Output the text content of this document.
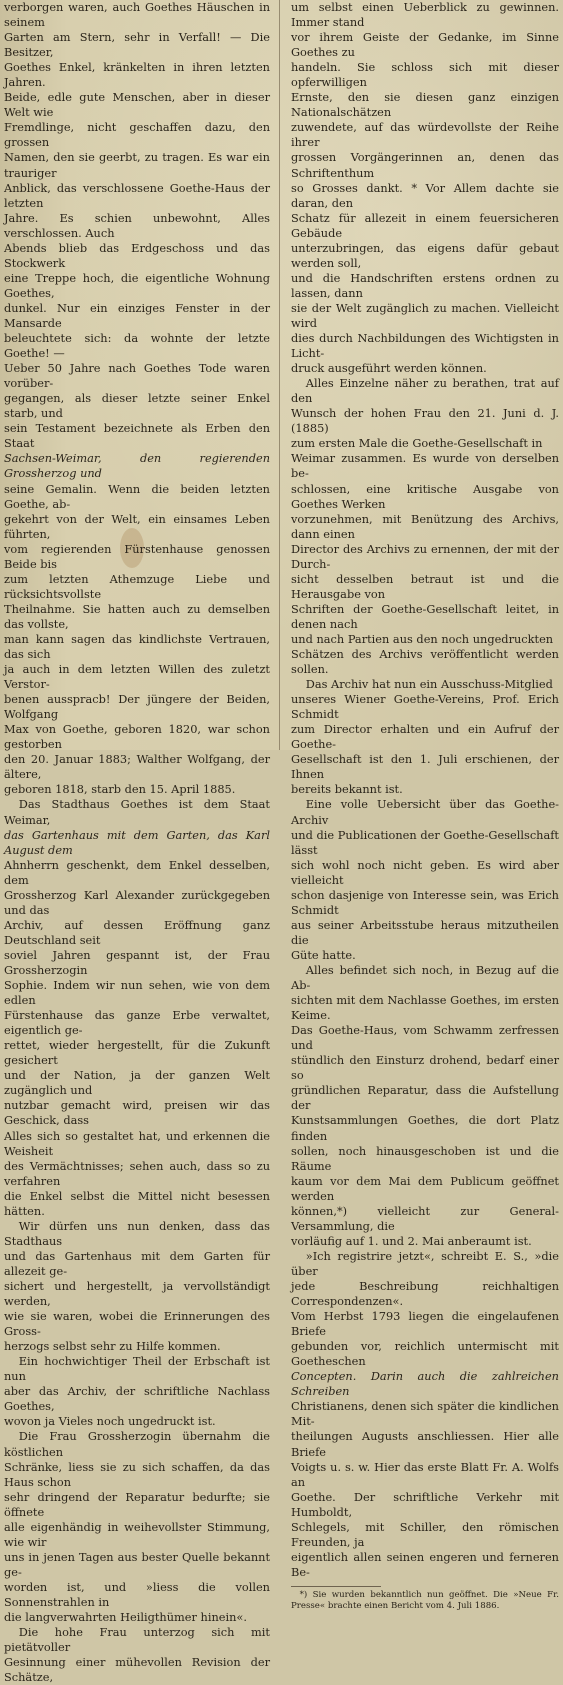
verborgen waren, auch Goethes Häuschen in seinem
Garten am Stern, sehr in Verfall! — Die Besitzer,
Goethes Enkel, kränkelten in ihren letzten Jahren.
Beide, edle gute Menschen, aber in dieser Welt wie
Fremdlinge, nicht geschaffen dazu, den grossen
Namen, den sie geerbt, zu tragen. Es war ein trauriger
Anblick, das verschlossene Goethe-Haus der letzten
Jahre. Es schien unbewohnt, Alles verschlossen. Auch
Abends blieb das Erdgeschoss und das Stockwerk
eine Treppe hoch, die eigentliche Wohnung Goethes,
dunkel. Nur ein einziges Fenster in der Mansarde
beleuchtete sich: da wohnte der letzte Goethe! —
Ueber 50 Jahre nach Goethes Tode waren vorüber-
gegangen, als dieser letzte seiner Enkel starb, und
sein Testament bezeichnete als Erben den Staat
Sachsen-Weimar, den regierenden Grossherzog und
seine Gemalin. Wenn die beiden letzten Goethe, ab-
gekehrt von der Welt, ein einsames Leben führten,
vom regierenden Fürstenhause genossen Beide bis
zum letzten Athemzuge Liebe und rücksichtsvollste
Theilnahme. Sie hatten auch zu demselben das vollste,
man kann sagen das kindlichste Vertrauen, das sich
ja auch in dem letzten Willen des zuletzt Verstor-
benen ausspracb! Der jüngere der Beiden, Wolfgang
Max von Goethe, geboren 1820, war schon gestorben
den 20. Januar 1883; Walther Wolfgang, der ältere,
geboren 1818, starb den 15. April 1885.

Das Stadthaus Goethes ist dem Staat Weimar,
das Gartenhaus mit dem Garten, das Karl August dem
Ahnherrn geschenkt, dem Enkel desselben, dem
Grossherzog Karl Alexander zurückgegeben und das
Archiv, auf dessen Eröffnung ganz Deutschland seit
soviel Jahren gespannt ist, der Frau Grossherzogin
Sophie. Indem wir nun sehen, wie von dem edlen
Fürstenhause das ganze Erbe verwaltet, eigentlich ge-
rettet, wieder hergestellt, für die Zukunft gesichert
und der Nation, ja der ganzen Welt zugänglich und
nutzbar gemacht wird, preisen wir das Geschick, dass
Alles sich so gestaltet hat, und erkennen die Weisheit
des Vermächtnisses; sehen auch, dass so zu verfahren
die Enkel selbst die Mittel nicht besessen hätten.

Wir dürfen uns nun denken, dass das Stadthaus
und das Gartenhaus mit dem Garten für allezeit ge-
sichert und hergestellt, ja vervollständigt werden,
wie sie waren, wobei die Erinnerungen des Gross-
herzogs selbst sehr zu Hilfe kommen.

Ein hochwichtiger Theil der Erbschaft ist nun
aber das Archiv, der schriftliche Nachlass Goethes,
wovon ja Vieles noch ungedruckt ist.

Die Frau Grossherzogin übernahm die köstlichen
Schränke, liess sie zu sich schaffen, da das Haus schon
sehr dringend der Reparatur bedurfte; sie öffnete
alle eigenhändig in weihevollster Stimmung, wie wir
uns in jenen Tagen aus bester Quelle bekannt ge-
worden ist, und »liess die vollen Sonnenstrahlen in
die langverwahrten Heiligthümer hinein«.

Die hohe Frau unterzog sich mit pietätvoller
Gesinnung einer mühevollen Revision der Schätze,

um selbst einen Ueberblick zu gewinnen. Immer stand
vor ihrem Geiste der Gedanke, im Sinne Goethes zu
handeln. Sie schloss sich mit dieser opferwilligen
Ernste, den sie diesen ganz einzigen Nationalschätzen
zuwendete, auf das würdevollste der Reihe ihrer
grossen Vorgängerinnen an, denen das Schriftenthum
so Grosses dankt. * Vor Allem dachte sie daran, den
Schatz für allezeit in einem feuersicheren Gebäude
unterzubringen, das eigens dafür gebaut werden soll,
und die Handschriften erstens ordnen zu lassen, dann
sie der Welt zugänglich zu machen. Vielleicht wird
dies durch Nachbildungen des Wichtigsten in Licht-
druck ausgeführt werden können.

Alles Einzelne näher zu berathen, trat auf den
Wunsch der hohen Frau den 21. Juni d. J. (1885)
zum ersten Male die Goethe-Gesellschaft in
Weimar zusammen. Es wurde von derselben be-
schlossen, eine kritische Ausgabe von Goethes Werken
vorzunehmen, mit Benützung des Archivs, dann einen
Director des Archivs zu ernennen, der mit der Durch-
sicht desselben betraut ist und die Herausgabe von
Schriften der Goethe-Gesellschaft leitet, in denen nach
und nach Partien aus den noch ungedruckten
Schätzen des Archivs veröffentlicht werden sollen.

Das Archiv hat nun ein Ausschuss-Mitglied
unseres Wiener Goethe-Vereins, Prof. Erich Schmidt
zum Director erhalten und ein Aufruf der Goethe-
Gesellschaft ist den 1. Juli erschienen, der Ihnen
bereits bekannt ist.

Eine volle Uebersicht über das Goethe-Archiv
und die Publicationen der Goethe-Gesellschaft lässt
sich wohl noch nicht geben. Es wird aber vielleicht
schon dasjenige von Interesse sein, was Erich Schmidt
aus seiner Arbeitsstube heraus mitzutheilen die
Güte hatte.

Alles befindet sich noch, in Bezug auf die Ab-
sichten mit dem Nachlasse Goethes, im ersten Keime.
Das Goethe-Haus, vom Schwamm zerfressen und
stündlich den Einsturz drohend, bedarf einer so
gründlichen Reparatur, dass die Aufstellung der
Kunstsammlungen Goethes, die dort Platz finden
sollen, noch hinausgeschoben ist und die Räume
kaum vor dem Mai dem Publicum geöffnet werden
können,*) vielleicht zur General-Versammlung, die
vorläufig auf 1. und 2. Mai anberaumt ist.

»Ich registrire jetzt«, schreibt E. S., »die über
jede Beschreibung reichhaltigen Correspondenzen«.
Vom Herbst 1793 liegen die eingelaufenen Briefe
gebunden vor, reichlich untermischt mit Goetheschen
Concepten. Darin auch die zahlreichen Schreiben
Christianens, denen sich später die kindlichen Mit-
theilungen Augusts anschliessen. Hier alle Briefe
Voigts u. s. w. Hier das erste Blatt Fr. A. Wolfs an
Goethe. Der schriftliche Verkehr mit Humboldt,
Schlegels, mit Schiller, den römischen Freunden, ja
eigentlich allen seinen engeren und ferneren Be-

*) Sie wurden bekanntlich nun geöffnet. Die »Neue Fr. Presse« brachte einen Bericht vom 4. Juli 1886.
